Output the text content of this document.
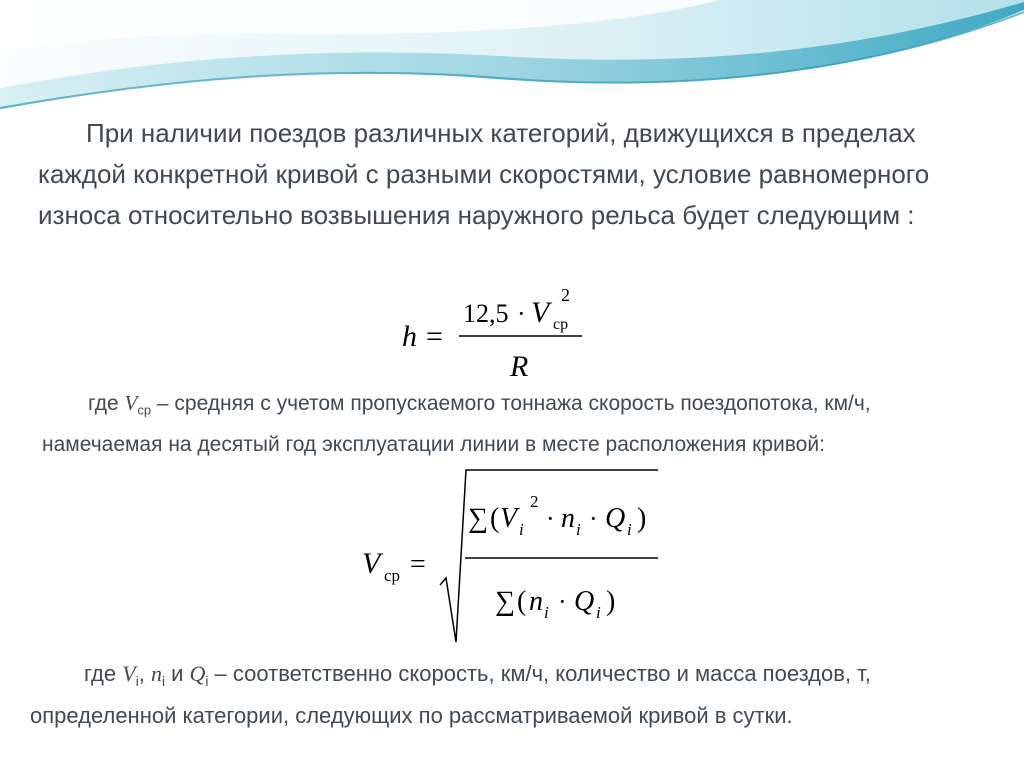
При наличии поездов различных категорий, движущихся в пределах каждой конкретной кривой с разными скоростями, условие равномерного износа относительно возвышения наружного рельса будет следующим :

h =
12,5 · V ср
2
R

где $V_{ср}$ – средняя с учетом пропускаемого тоннажа скорость поездопотока, км/ч, намечаемая на десятый год эксплуатации линии в месте расположения кривой:

V ср =
∑ ( V i
2
· n i · Q i )
∑ ( n i · Q i )

где $V_i$, $n_i$ и $Q_i$ – соответственно скорость, км/ч, количество и масса поездов, т, определенной категории, следующих по рассматриваемой кривой в сутки.
